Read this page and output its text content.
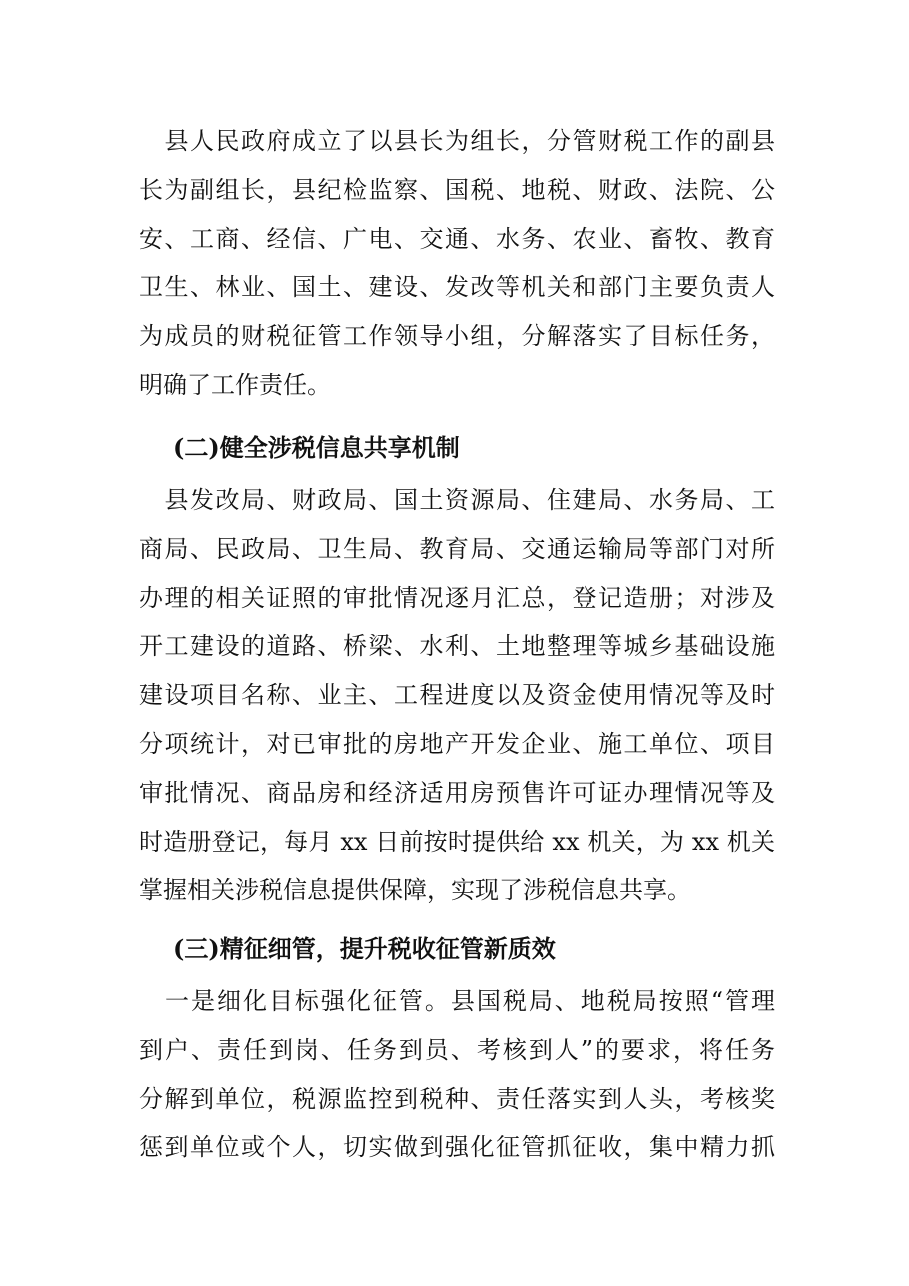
　县人民政府成立了以县长为组长，分管财税工作的副县
长为副组长，县纪检监察、国税、地税、财政、法院、公
安、工商、经信、广电、交通、水务、农业、畜牧、教育
卫生、林业、国土、建设、发改等机关和部门主要负责人
为成员的财税征管工作领导小组，分解落实了目标任务，
明确了工作责任。
(二)健全涉税信息共享机制
　县发改局、财政局、国土资源局、住建局、水务局、工
商局、民政局、卫生局、教育局、交通运输局等部门对所
办理的相关证照的审批情况逐月汇总，登记造册；对涉及
开工建设的道路、桥梁、水利、土地整理等城乡基础设施
建设项目名称、业主、工程进度以及资金使用情况等及时
分项统计，对已审批的房地产开发企业、施工单位、项目
审批情况、商品房和经济适用房预售许可证办理情况等及
时造册登记，每月 xx 日前按时提供给 xx 机关，为 xx 机关
掌握相关涉税信息提供保障，实现了涉税信息共享。
(三)精征细管，提升税收征管新质效
　一是细化目标强化征管。县国税局、地税局按照“管理
到户、责任到岗、任务到员、考核到人”的要求，将任务
分解到单位，税源监控到税种、责任落实到人头，考核奖
惩到单位或个人，切实做到强化征管抓征收，集中精力抓
